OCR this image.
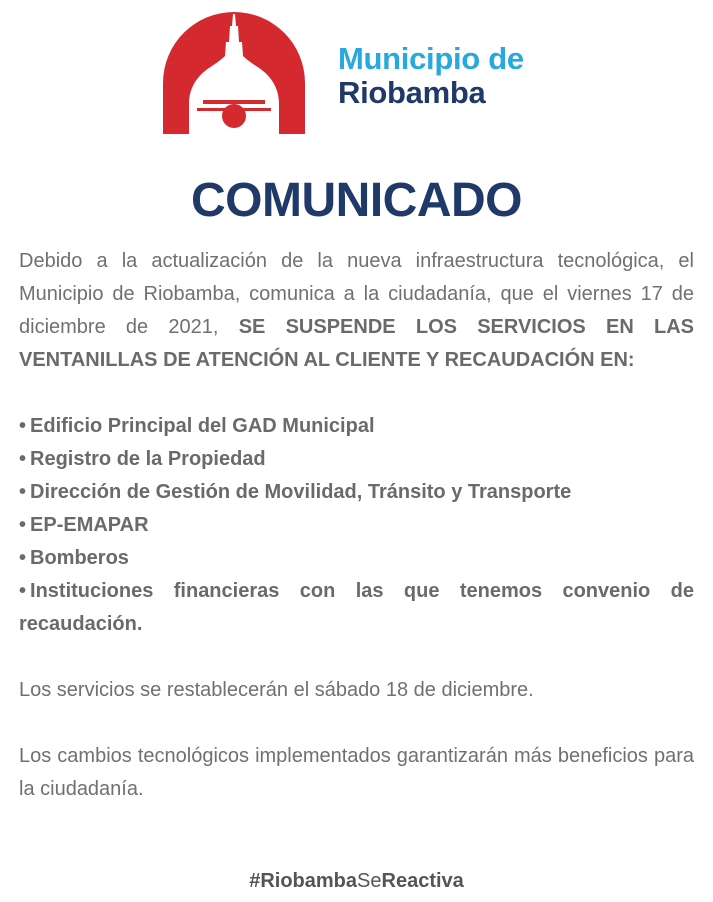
Municipio de
Riobamba
COMUNICADO

Debido a la actualización de la nueva infraestructura tecnológica, el Municipio de Riobamba, comunica a la ciudadanía, que el viernes 17 de diciembre de 2021, SE SUSPENDE LOS SERVICIOS EN LAS VENTANILLAS DE ATENCIÓN AL CLIENTE Y RECAUDACIÓN EN:

• Edificio Principal del GAD Municipal
• Registro de la Propiedad
• Dirección de Gestión de Movilidad, Tránsito y Transporte
• EP-EMAPAR
• Bomberos
• Instituciones financieras con las que tenemos convenio de recaudación.

Los servicios se restablecerán el sábado 18 de diciembre.

Los cambios tecnológicos implementados garantizarán más beneficios para la ciudadanía.

#RiobambaSeReactiva
